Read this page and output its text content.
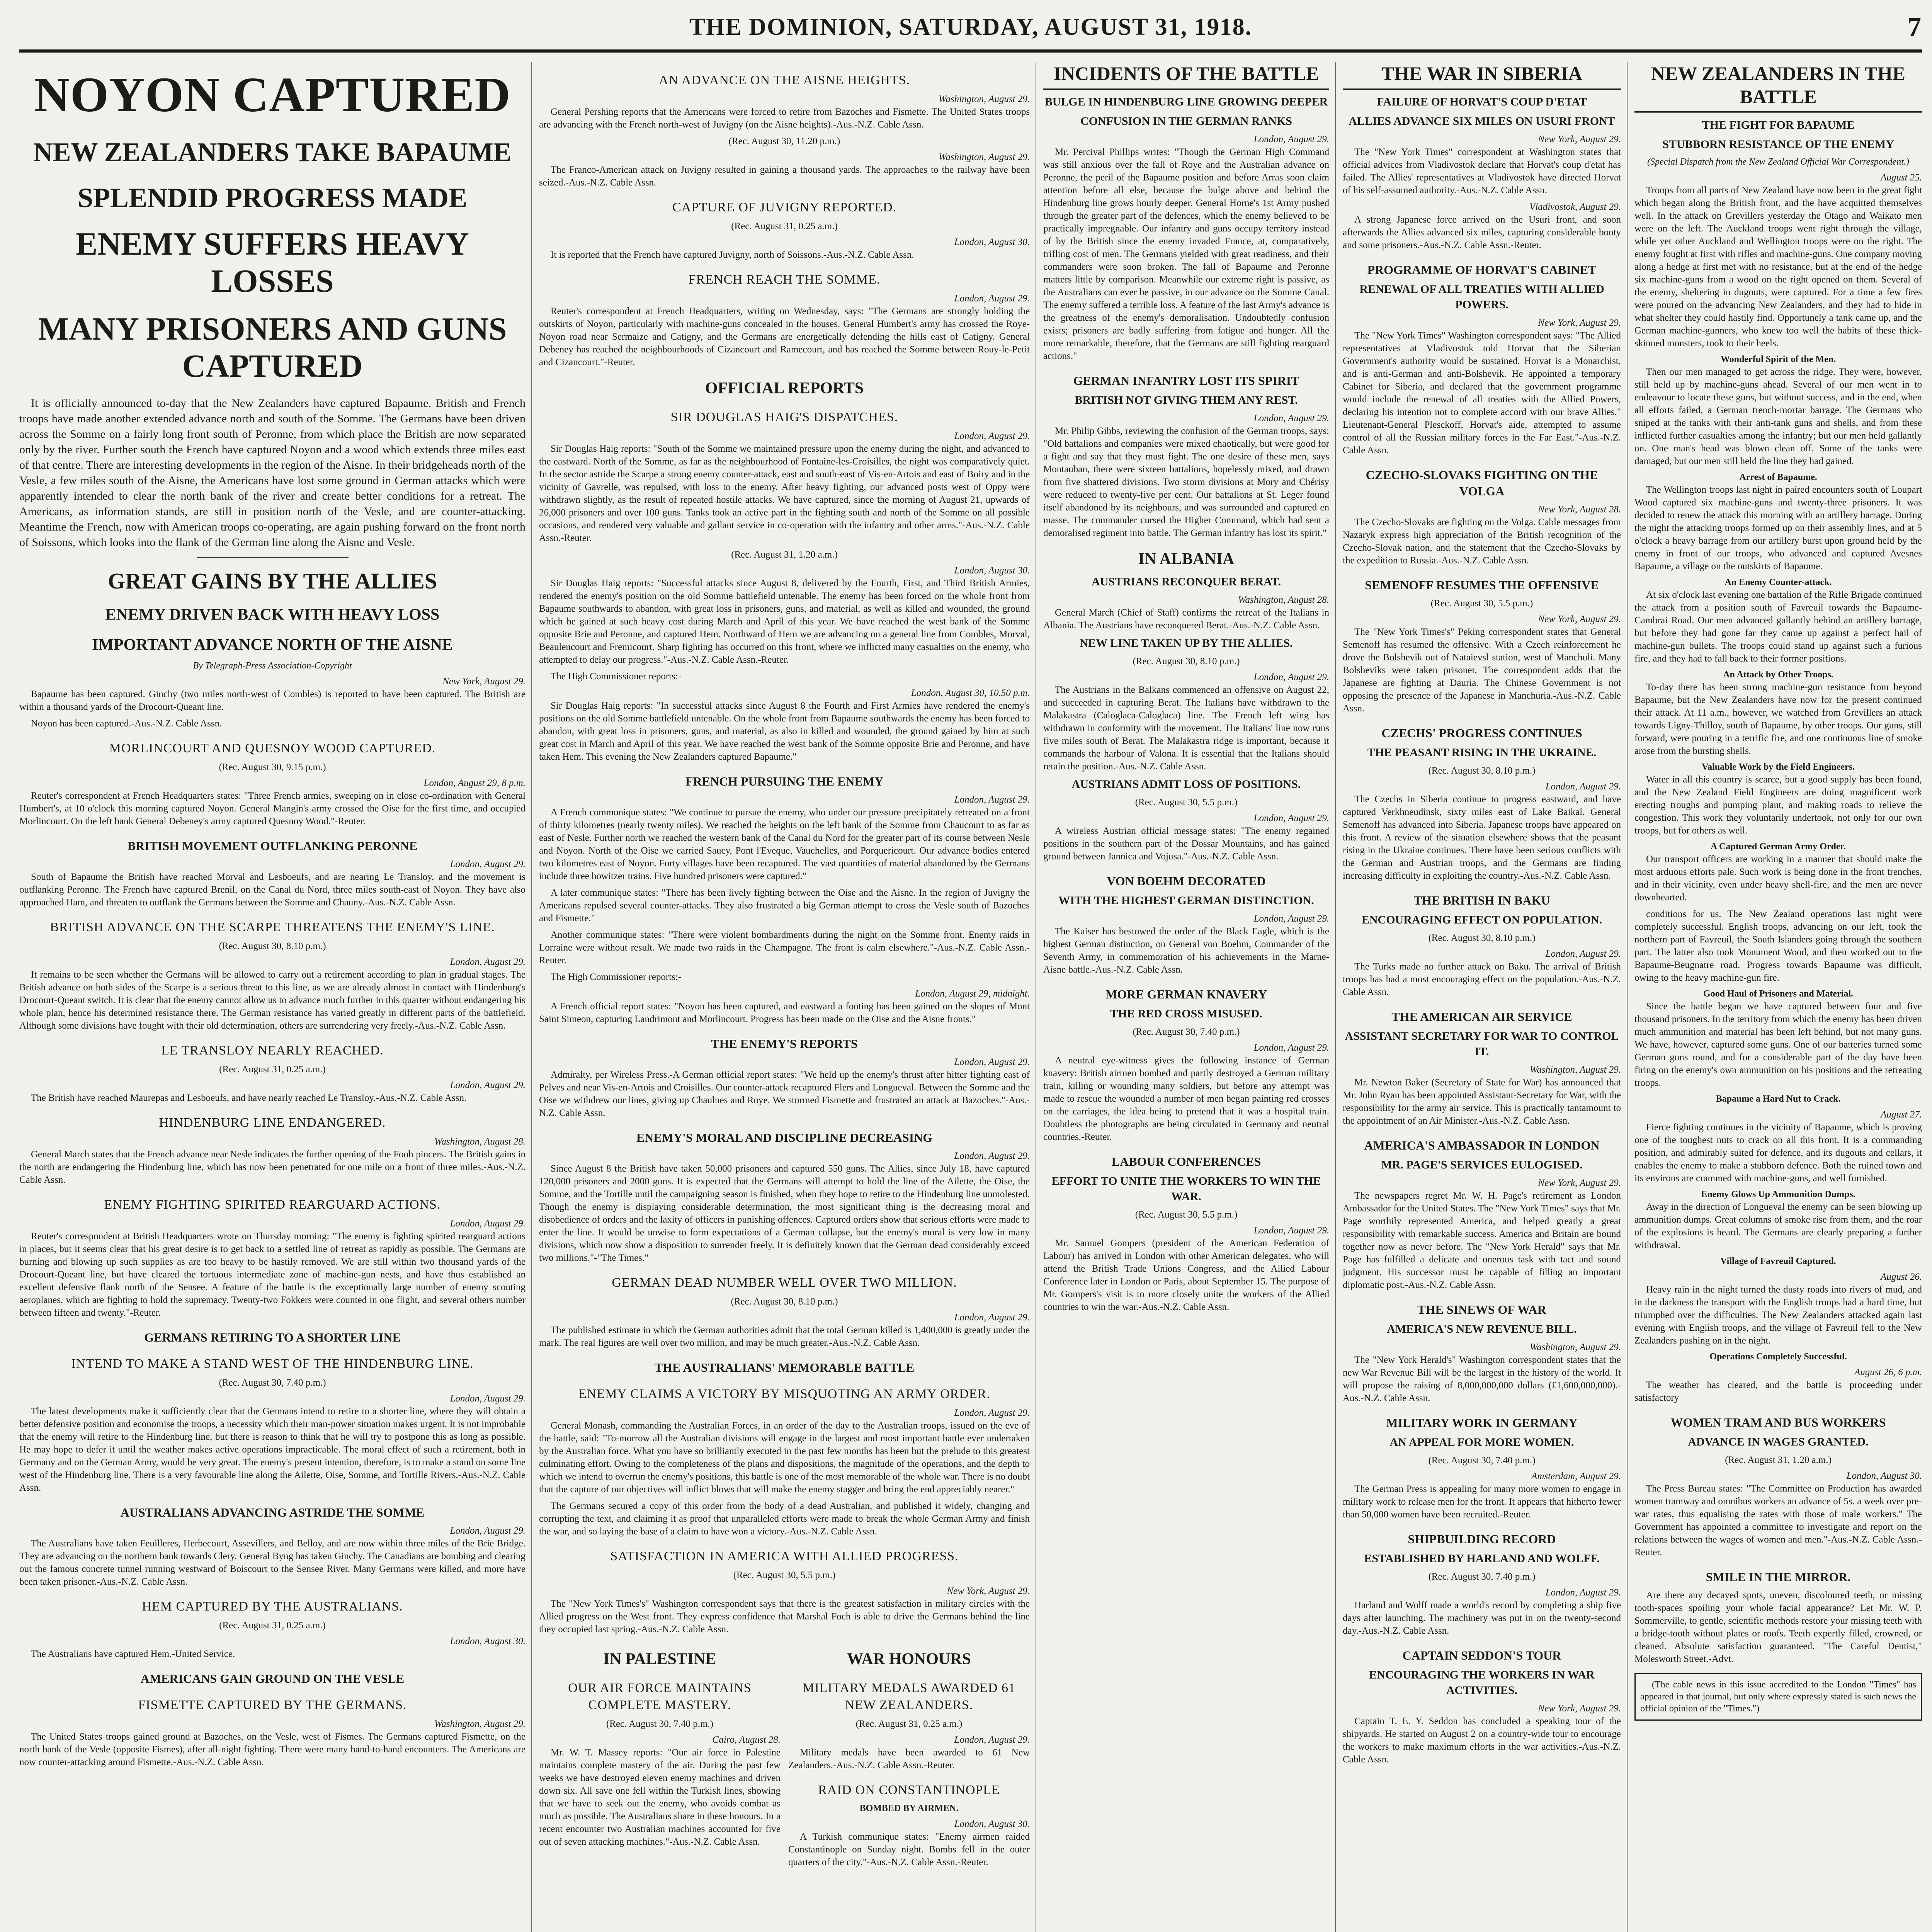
THE DOMINION, SATURDAY, AUGUST 31, 1918.	7
NOYON CAPTURED
NEW ZEALANDERS TAKE BAPAUME
SPLENDID PROGRESS MADE
ENEMY SUFFERS HEAVY LOSSES
MANY PRISONERS AND GUNS CAPTURED

It is officially announced to-day that the New Zealanders have captured Bapaume. British and French troops have made another extended advance north and south of the Somme. The Germans have been driven across the Somme on a fairly long front south of Peronne, from which place the British are now separated only by the river. Further south the French have captured Noyon and a wood which extends three miles east of that centre. There are interesting developments in the region of the Aisne. In their bridgeheads north of the Vesle, a few miles south of the Aisne, the Americans have lost some ground in German attacks which were apparently intended to clear the north bank of the river and create better conditions for a retreat. The Americans, as information stands, are still in position north of the Vesle, and are counter-attacking. Meantime the French, now with American troops co-operating, are again pushing forward on the front north of Soissons, which looks into the flank of the German line along the Aisne and Vesle.

GREAT GAINS BY THE ALLIES
ENEMY DRIVEN BACK WITH HEAVY LOSS
IMPORTANT ADVANCE NORTH OF THE AISNE
By Telegraph-Press Association-Copyright
New York, August 29.

Bapaume has been captured. Ginchy (two miles north-west of Combles) is reported to have been captured. The British are within a thousand yards of the Drocourt-Queant line.

Noyon has been captured.-Aus.-N.Z. Cable Assn.

MORLINCOURT AND QUESNOY WOOD CAPTURED.
(Rec. August 30, 9.15 p.m.)
London, August 29, 8 p.m.

Reuter's correspondent at French Headquarters states: "Three French armies, sweeping on in close co-ordination with General Humbert's, at 10 o'clock this morning captured Noyon. General Mangin's army crossed the Oise for the first time, and occupied Morlincourt. On the left bank General Debeney's army captured Quesnoy Wood."-Reuter.

BRITISH MOVEMENT OUTFLANKING PERONNE
London, August 29.

South of Bapaume the British have reached Morval and Lesboeufs, and are nearing Le Transloy, and the movement is outflanking Peronne. The French have captured Brenil, on the Canal du Nord, three miles south-east of Noyon. They have also approached Ham, and threaten to outflank the Germans between the Somme and Chauny.-Aus.-N.Z. Cable Assn.

BRITISH ADVANCE ON THE SCARPE THREATENS THE ENEMY'S LINE.
(Rec. August 30, 8.10 p.m.)
London, August 29.

It remains to be seen whether the Germans will be allowed to carry out a retirement according to plan in gradual stages. The British advance on both sides of the Scarpe is a serious threat to this line, as we are already almost in contact with Hindenburg's Drocourt-Queant switch. It is clear that the enemy cannot allow us to advance much further in this quarter without endangering his whole plan, hence his determined resistance there. The German resistance has varied greatly in different parts of the battlefield. Although some divisions have fought with their old determination, others are surrendering very freely.-Aus.-N.Z. Cable Assn.

LE TRANSLOY NEARLY REACHED.
(Rec. August 31, 0.25 a.m.)
London, August 29.

The British have reached Maurepas and Lesboeufs, and have nearly reached Le Transloy.-Aus.-N.Z. Cable Assn.

HINDENBURG LINE ENDANGERED.
Washington, August 28.

General March states that the French advance near Nesle indicates the further opening of the Fooh pincers. The British gains in the north are endangering the Hindenburg line, which has now been penetrated for one mile on a front of three miles.-Aus.-N.Z. Cable Assn.

ENEMY FIGHTING SPIRITED REARGUARD ACTIONS.
London, August 29.

Reuter's correspondent at British Headquarters wrote on Thursday morning: "The enemy is fighting spirited rearguard actions in places, but it seems clear that his great desire is to get back to a settled line of retreat as rapidly as possible. The Germans are burning and blowing up such supplies as are too heavy to be hastily removed. We are still within two thousand yards of the Drocourt-Queant line, but have cleared the tortuous intermediate zone of machine-gun nests, and have thus established an excellent defensive flank north of the Sensee. A feature of the battle is the exceptionally large number of enemy scouting aeroplanes, which are fighting to hold the supremacy. Twenty-two Fokkers were counted in one flight, and several others number between fifteen and twenty."-Reuter.

GERMANS RETIRING TO A SHORTER LINE
INTEND TO MAKE A STAND WEST OF THE HINDENBURG LINE.
(Rec. August 30, 7.40 p.m.)
London, August 29.

The latest developments make it sufficiently clear that the Germans intend to retire to a shorter line, where they will obtain a better defensive position and economise the troops, a necessity which their man-power situation makes urgent. It is not improbable that the enemy will retire to the Hindenburg line, but there is reason to think that he will try to postpone this as long as possible. He may hope to defer it until the weather makes active operations impracticable. The moral effect of such a retirement, both in Germany and on the German Army, would be very great. The enemy's present intention, therefore, is to make a stand on some line west of the Hindenburg line. There is a very favourable line along the Ailette, Oise, Somme, and Tortille Rivers.-Aus.-N.Z. Cable Assn.

AUSTRALIANS ADVANCING ASTRIDE THE SOMME
London, August 29.

The Australians have taken Feuilleres, Herbecourt, Assevillers, and Belloy, and are now within three miles of the Brie Bridge. They are advancing on the northern bank towards Clery. General Byng has taken Ginchy. The Canadians are bombing and clearing out the famous concrete tunnel running westward of Boiscourt to the Sensee River. Many Germans were killed, and more have been taken prisoner.-Aus.-N.Z. Cable Assn.

HEM CAPTURED BY THE AUSTRALIANS.
(Rec. August 31, 0.25 a.m.)
London, August 30.

The Australians have captured Hem.-United Service.

AMERICANS GAIN GROUND ON THE VESLE
FISMETTE CAPTURED BY THE GERMANS.
Washington, August 29.

The United States troops gained ground at Bazoches, on the Vesle, west of Fismes. The Germans captured Fismette, on the north bank of the Vesle (opposite Fismes), after all-night fighting. There were many hand-to-hand encounters. The Americans are now counter-attacking around Fismette.-Aus.-N.Z. Cable Assn.

AN ADVANCE ON THE AISNE HEIGHTS.
Washington, August 29.

General Pershing reports that the Americans were forced to retire from Bazoches and Fismette. The United States troops are advancing with the French north-west of Juvigny (on the Aisne heights).-Aus.-N.Z. Cable Assn.

(Rec. August 30, 11.20 p.m.)
Washington, August 29.

The Franco-American attack on Juvigny resulted in gaining a thousand yards. The approaches to the railway have been seized.-Aus.-N.Z. Cable Assn.

CAPTURE OF JUVIGNY REPORTED.
(Rec. August 31, 0.25 a.m.)
London, August 30.

It is reported that the French have captured Juvigny, north of Soissons.-Aus.-N.Z. Cable Assn.

FRENCH REACH THE SOMME.
London, August 29.

Reuter's correspondent at French Headquarters, writing on Wednesday, says: "The Germans are strongly holding the outskirts of Noyon, particularly with machine-guns concealed in the houses. General Humbert's army has crossed the Roye-Noyon road near Sermaize and Catigny, and the Germans are energetically defending the hills east of Catigny. General Debeney has reached the neighbourhoods of Cizancourt and Ramecourt, and has reached the Somme between Rouy-le-Petit and Cizancourt."-Reuter.

OFFICIAL REPORTS
SIR DOUGLAS HAIG'S DISPATCHES.
London, August 29.

Sir Douglas Haig reports: "South of the Somme we maintained pressure upon the enemy during the night, and advanced to the eastward. North of the Somme, as far as the neighbourhood of Fontaine-les-Croisilles, the night was comparatively quiet. In the sector astride the Scarpe a strong enemy counter-attack, east and south-east of Vis-en-Artois and east of Boiry and in the vicinity of Gavrelle, was repulsed, with loss to the enemy. After heavy fighting, our advanced posts west of Oppy were withdrawn slightly, as the result of repeated hostile attacks. We have captured, since the morning of August 21, upwards of 26,000 prisoners and over 100 guns. Tanks took an active part in the fighting south and north of the Somme on all possible occasions, and rendered very valuable and gallant service in co-operation with the infantry and other arms."-Aus.-N.Z. Cable Assn.-Reuter.

(Rec. August 31, 1.20 a.m.)
London, August 30.

Sir Douglas Haig reports: "Successful attacks since August 8, delivered by the Fourth, First, and Third British Armies, rendered the enemy's position on the old Somme battlefield untenable. The enemy has been forced on the whole front from Bapaume southwards to abandon, with great loss in prisoners, guns, and material, as well as killed and wounded, the ground which he gained at such heavy cost during March and April of this year. We have reached the west bank of the Somme opposite Brie and Peronne, and captured Hem. Northward of Hem we are advancing on a general line from Combles, Morval, Beaulencourt and Fremicourt. Sharp fighting has occurred on this front, where we inflicted many casualties on the enemy, who attempted to delay our progress."-Aus.-N.Z. Cable Assn.-Reuter.

The High Commissioner reports:-

London, August 30, 10.50 p.m.

Sir Douglas Haig reports: "In successful attacks since August 8 the Fourth and First Armies have rendered the enemy's positions on the old Somme battlefield untenable. On the whole front from Bapaume southwards the enemy has been forced to abandon, with great loss in prisoners, guns, and material, as also in killed and wounded, the ground gained by him at such great cost in March and April of this year. We have reached the west bank of the Somme opposite Brie and Peronne, and have taken Hem. This evening the New Zealanders captured Bapaume."

FRENCH PURSUING THE ENEMY
London, August 29.

A French communique states: "We continue to pursue the enemy, who under our pressure precipitately retreated on a front of thirty kilometres (nearly twenty miles). We reached the heights on the left bank of the Somme from Chaucourt to as far as east of Nesle. Further north we reached the western bank of the Canal du Nord for the greater part of its course between Nesle and Noyon. North of the Oise we carried Saucy, Pont l'Eveque, Vauchelles, and Porquericourt. Our advance bodies entered two kilometres east of Noyon. Forty villages have been recaptured. The vast quantities of material abandoned by the Germans include three howitzer trains. Five hundred prisoners were captured."

A later communique states: "There has been lively fighting between the Oise and the Aisne. In the region of Juvigny the Americans repulsed several counter-attacks. They also frustrated a big German attempt to cross the Vesle south of Bazoches and Fismette."

Another communique states: "There were violent bombardments during the night on the Somme front. Enemy raids in Lorraine were without result. We made two raids in the Champagne. The front is calm elsewhere."-Aus.-N.Z. Cable Assn.-Reuter.

The High Commissioner reports:-

London, August 29, midnight.

A French official report states: "Noyon has been captured, and eastward a footing has been gained on the slopes of Mont Saint Simeon, capturing Landrimont and Morlincourt. Progress has been made on the Oise and the Aisne fronts."

THE ENEMY'S REPORTS
London, August 29.

Admiralty, per Wireless Press.-A German official report states: "We held up the enemy's thrust after hitter fighting east of Pelves and near Vis-en-Artois and Croisilles. Our counter-attack recaptured Flers and Longueval. Between the Somme and the Oise we withdrew our lines, giving up Chaulnes and Roye. We stormed Fismette and frustrated an attack at Bazoches."-Aus.-N.Z. Cable Assn.

ENEMY'S MORAL AND DISCIPLINE DECREASING
London, August 29.

Since August 8 the British have taken 50,000 prisoners and captured 550 guns. The Allies, since July 18, have captured 120,000 prisoners and 2000 guns. It is expected that the Germans will attempt to hold the line of the Ailette, the Oise, the Somme, and the Tortille until the campaigning season is finished, when they hope to retire to the Hindenburg line unmolested. Though the enemy is displaying considerable determination, the most significant thing is the decreasing moral and disobedience of orders and the laxity of officers in punishing offences. Captured orders show that serious efforts were made to enter the line. It would be unwise to form expectations of a German collapse, but the enemy's moral is very low in many divisions, which now show a disposition to surrender freely. It is definitely known that the German dead considerably exceed two millions."-"The Times."

GERMAN DEAD NUMBER WELL OVER TWO MILLION.
(Rec. August 30, 8.10 p.m.)
London, August 29.

The published estimate in which the German authorities admit that the total German killed is 1,400,000 is greatly under the mark. The real figures are well over two million, and may be much greater.-Aus.-N.Z. Cable Assn.

THE AUSTRALIANS' MEMORABLE BATTLE
ENEMY CLAIMS A VICTORY BY MISQUOTING AN ARMY ORDER.
London, August 29.

General Monash, commanding the Australian Forces, in an order of the day to the Australian troops, issued on the eve of the battle, said: "To-morrow all the Australian divisions will engage in the largest and most important battle ever undertaken by the Australian force. What you have so brilliantly executed in the past few months has been but the prelude to this greatest culminating effort. Owing to the completeness of the plans and dispositions, the magnitude of the operations, and the depth to which we intend to overrun the enemy's positions, this battle is one of the most memorable of the whole war. There is no doubt that the capture of our objectives will inflict blows that will make the enemy stagger and bring the end appreciably nearer."

The Germans secured a copy of this order from the body of a dead Australian, and published it widely, changing and corrupting the text, and claiming it as proof that unparalleled efforts were made to break the whole German Army and finish the war, and so laying the base of a claim to have won a victory.-Aus.-N.Z. Cable Assn.

SATISFACTION IN AMERICA WITH ALLIED PROGRESS.
(Rec. August 30, 5.5 p.m.)
New York, August 29.

The "New York Times's" Washington correspondent says that there is the greatest satisfaction in military circles with the Allied progress on the West front. They express confidence that Marshal Foch is able to drive the Germans behind the line they occupied last spring.-Aus.-N.Z. Cable Assn.

IN PALESTINE
OUR AIR FORCE MAINTAINS COMPLETE MASTERY.
(Rec. August 30, 7.40 p.m.)
Cairo, August 28.

Mr. W. T. Massey reports: "Our air force in Palestine maintains complete mastery of the air. During the past few weeks we have destroyed eleven enemy machines and driven down six. All save one fell within the Turkish lines, showing that we have to seek out the enemy, who avoids combat as much as possible. The Australians share in these honours. In a recent encounter two Australian machines accounted for five out of seven attacking machines."-Aus.-N.Z. Cable Assn.

WAR HONOURS
MILITARY MEDALS AWARDED 61 NEW ZEALANDERS.
(Rec. August 31, 0.25 a.m.)
London, August 29.

Military medals have been awarded to 61 New Zealanders.-Aus.-N.Z. Cable Assn.-Reuter.

RAID ON CONSTANTINOPLE
BOMBED BY AIRMEN.
London, August 30.

A Turkish communique states: "Enemy airmen raided Constantinople on Sunday night. Bombs fell in the outer quarters of the city."-Aus.-N.Z. Cable Assn.-Reuter.

INCIDENTS OF THE BATTLE
BULGE IN HINDENBURG LINE GROWING DEEPER
CONFUSION IN THE GERMAN RANKS
London, August 29.

Mr. Percival Phillips writes: "Though the German High Command was still anxious over the fall of Roye and the Australian advance on Peronne, the peril of the Bapaume position and before Arras soon claim attention before all else, because the bulge above and behind the Hindenburg line grows hourly deeper. General Horne's 1st Army pushed through the greater part of the defences, which the enemy believed to be practically impregnable. Our infantry and guns occupy territory instead of by the British since the enemy invaded France, at, comparatively, trifling cost of men. The Germans yielded with great readiness, and their commanders were soon broken. The fall of Bapaume and Peronne matters little by comparison. Meanwhile our extreme right is passive, as the Australians can ever be passive, in our advance on the Somme Canal. The enemy suffered a terrible loss. A feature of the last Army's advance is the greatness of the enemy's demoralisation. Undoubtedly confusion exists; prisoners are badly suffering from fatigue and hunger. All the more remarkable, therefore, that the Germans are still fighting rearguard actions."

GERMAN INFANTRY LOST ITS SPIRIT
BRITISH NOT GIVING THEM ANY REST.
London, August 29.

Mr. Philip Gibbs, reviewing the confusion of the German troops, says: "Old battalions and companies were mixed chaotically, but were good for a fight and say that they must fight. The one desire of these men, says Montauban, there were sixteen battalions, hopelessly mixed, and drawn from five shattered divisions. Two storm divisions at Mory and Chérisy were reduced to twenty-five per cent. Our battalions at St. Leger found itself abandoned by its neighbours, and was surrounded and captured en masse. The commander cursed the Higher Command, which had sent a demoralised regiment into battle. The German infantry has lost its spirit."

IN ALBANIA
AUSTRIANS RECONQUER BERAT.
Washington, August 28.

General March (Chief of Staff) confirms the retreat of the Italians in Albania. The Austrians have reconquered Berat.-Aus.-N.Z. Cable Assn.

NEW LINE TAKEN UP BY THE ALLIES.
(Rec. August 30, 8.10 p.m.)
London, August 29.

The Austrians in the Balkans commenced an offensive on August 22, and succeeded in capturing Berat. The Italians have withdrawn to the Malakastra (Caloglaca-Caloglaca) line. The French left wing has withdrawn in conformity with the movement. The Italians' line now runs five miles south of Berat. The Malakastra ridge is important, because it commands the harbour of Valona. It is essential that the Italians should retain the position.-Aus.-N.Z. Cable Assn.

AUSTRIANS ADMIT LOSS OF POSITIONS.
(Rec. August 30, 5.5 p.m.)
London, August 29.

A wireless Austrian official message states: "The enemy regained positions in the southern part of the Dossar Mountains, and has gained ground between Jannica and Vojusa."-Aus.-N.Z. Cable Assn.

VON BOEHM DECORATED
WITH THE HIGHEST GERMAN DISTINCTION.
London, August 29.

The Kaiser has bestowed the order of the Black Eagle, which is the highest German distinction, on General von Boehm, Commander of the Seventh Army, in commemoration of his achievements in the Marne-Aisne battle.-Aus.-N.Z. Cable Assn.

MORE GERMAN KNAVERY
THE RED CROSS MISUSED.
(Rec. August 30, 7.40 p.m.)
London, August 29.

A neutral eye-witness gives the following instance of German knavery: British airmen bombed and partly destroyed a German military train, killing or wounding many soldiers, but before any attempt was made to rescue the wounded a number of men began painting red crosses on the carriages, the idea being to pretend that it was a hospital train. Doubtless the photographs are being circulated in Germany and neutral countries.-Reuter.

LABOUR CONFERENCES
EFFORT TO UNITE THE WORKERS TO WIN THE WAR.
(Rec. August 30, 5.5 p.m.)
London, August 29.

Mr. Samuel Gompers (president of the American Federation of Labour) has arrived in London with other American delegates, who will attend the British Trade Unions Congress, and the Allied Labour Conference later in London or Paris, about September 15. The purpose of Mr. Gompers's visit is to more closely unite the workers of the Allied countries to win the war.-Aus.-N.Z. Cable Assn.

THE WAR IN SIBERIA
FAILURE OF HORVAT'S COUP D'ETAT
ALLIES ADVANCE SIX MILES ON USURI FRONT
New York, August 29.

The "New York Times" correspondent at Washington states that official advices from Vladivostok declare that Horvat's coup d'etat has failed. The Allies' representatives at Vladivostok have directed Horvat of his self-assumed authority.-Aus.-N.Z. Cable Assn.

Vladivostok, August 29.

A strong Japanese force arrived on the Usuri front, and soon afterwards the Allies advanced six miles, capturing considerable booty and some prisoners.-Aus.-N.Z. Cable Assn.-Reuter.

PROGRAMME OF HORVAT'S CABINET
RENEWAL OF ALL TREATIES WITH ALLIED POWERS.
New York, August 29.

The "New York Times" Washington correspondent says: "The Allied representatives at Vladivostok told Horvat that the Siberian Government's authority would be sustained. Horvat is a Monarchist, and is anti-German and anti-Bolshevik. He appointed a temporary Cabinet for Siberia, and declared that the government programme would include the renewal of all treaties with the Allied Powers, declaring his intention not to complete accord with our brave Allies." Lieutenant-General Plesckoff, Horvat's aide, attempted to assume control of all the Russian military forces in the Far East."-Aus.-N.Z. Cable Assn.

CZECHO-SLOVAKS FIGHTING ON THE VOLGA
New York, August 28.

The Czecho-Slovaks are fighting on the Volga. Cable messages from Nazaryk express high appreciation of the British recognition of the Czecho-Slovak nation, and the statement that the Czecho-Slovaks by the expedition to Russia.-Aus.-N.Z. Cable Assn.

SEMENOFF RESUMES THE OFFENSIVE
(Rec. August 30, 5.5 p.m.)
New York, August 29.

The "New York Times's" Peking correspondent states that General Semenoff has resumed the offensive. With a Czech reinforcement he drove the Bolshevik out of Nataievsl station, west of Manchuli. Many Bolsheviks were taken prisoner. The correspondent adds that the Japanese are fighting at Dauria. The Chinese Government is not opposing the presence of the Japanese in Manchuria.-Aus.-N.Z. Cable Assn.

CZECHS' PROGRESS CONTINUES
THE PEASANT RISING IN THE UKRAINE.
(Rec. August 30, 8.10 p.m.)
London, August 29.

The Czechs in Siberia continue to progress eastward, and have captured Verkhneudinsk, sixty miles east of Lake Baikal. General Semenoff has advanced into Siberia. Japanese troops have appeared on this front. A review of the situation elsewhere shows that the peasant rising in the Ukraine continues. There have been serious conflicts with the German and Austrian troops, and the Germans are finding increasing difficulty in exploiting the country.-Aus.-N.Z. Cable Assn.

THE BRITISH IN BAKU
ENCOURAGING EFFECT ON POPULATION.
(Rec. August 30, 8.10 p.m.)
London, August 29.

The Turks made no further attack on Baku. The arrival of British troops has had a most encouraging effect on the population.-Aus.-N.Z. Cable Assn.

THE AMERICAN AIR SERVICE
ASSISTANT SECRETARY FOR WAR TO CONTROL IT.
Washington, August 29.

Mr. Newton Baker (Secretary of State for War) has announced that Mr. John Ryan has been appointed Assistant-Secretary for War, with the responsibility for the army air service. This is practically tantamount to the appointment of an Air Minister.-Aus.-N.Z. Cable Assn.

AMERICA'S AMBASSADOR IN LONDON
MR. PAGE'S SERVICES EULOGISED.
New York, August 29.

The newspapers regret Mr. W. H. Page's retirement as London Ambassador for the United States. The "New York Times" says that Mr. Page worthily represented America, and helped greatly a great responsibility with remarkable success. America and Britain are bound together now as never before. The "New York Herald" says that Mr. Page has fulfilled a delicate and onerous task with tact and sound judgment. His successor must be capable of filling an important diplomatic post.-Aus.-N.Z. Cable Assn.

THE SINEWS OF WAR
AMERICA'S NEW REVENUE BILL.
Washington, August 29.

The "New York Herald's" Washington correspondent states that the new War Revenue Bill will be the largest in the history of the world. It will propose the raising of 8,000,000,000 dollars (£1,600,000,000).-Aus.-N.Z. Cable Assn.

MILITARY WORK IN GERMANY
AN APPEAL FOR MORE WOMEN.
(Rec. August 30, 7.40 p.m.)
Amsterdam, August 29.

The German Press is appealing for many more women to engage in military work to release men for the front. It appears that hitherto fewer than 50,000 women have been recruited.-Reuter.

SHIPBUILDING RECORD
ESTABLISHED BY HARLAND AND WOLFF.
(Rec. August 30, 7.40 p.m.)
London, August 29.

Harland and Wolff made a world's record by completing a ship five days after launching. The machinery was put in on the twenty-second day.-Aus.-N.Z. Cable Assn.

CAPTAIN SEDDON'S TOUR
ENCOURAGING THE WORKERS IN WAR ACTIVITIES.
New York, August 29.

Captain T. E. Y. Seddon has concluded a speaking tour of the shipyards. He started on August 2 on a country-wide tour to encourage the workers to make maximum efforts in the war activities.-Aus.-N.Z. Cable Assn.

NEW ZEALANDERS IN THE BATTLE
THE FIGHT FOR BAPAUME
STUBBORN RESISTANCE OF THE ENEMY
(Special Dispatch from the New Zealand Official War Correspondent.)
August 25.

Troops from all parts of New Zealand have now been in the great fight which began along the British front, and the have acquitted themselves well. In the attack on Grevillers yesterday the Otago and Waikato men were on the left. The Auckland troops went right through the village, while yet other Auckland and Wellington troops were on the right. The enemy fought at first with rifles and machine-guns. One company moving along a hedge at first met with no resistance, but at the end of the hedge six machine-guns from a wood on the right opened on them. Several of the enemy, sheltering in dugouts, were captured. For a time a few fires were poured on the advancing New Zealanders, and they had to hide in what shelter they could hastily find. Opportunely a tank came up, and the German machine-gunners, who knew too well the habits of these thick-skinned monsters, took to their heels.

Wonderful Spirit of the Men.

Then our men managed to get across the ridge. They were, however, still held up by machine-guns ahead. Several of our men went in to endeavour to locate these guns, but without success, and in the end, when all efforts failed, a German trench-mortar barrage. The Germans who sniped at the tanks with their anti-tank guns and shells, and from these inflicted further casualties among the infantry; but our men held gallantly on. One man's head was blown clean off. Some of the tanks were damaged, but our men still held the line they had gained.

Arrest of Bapaume.

The Wellington troops last night in paired encounters south of Loupart Wood captured six machine-guns and twenty-three prisoners. It was decided to renew the attack this morning with an artillery barrage. During the night the attacking troops formed up on their assembly lines, and at 5 o'clock a heavy barrage from our artillery burst upon ground held by the enemy in front of our troops, who advanced and captured Avesnes Bapaume, a village on the outskirts of Bapaume.

An Enemy Counter-attack.

At six o'clock last evening one battalion of the Rifle Brigade continued the attack from a position south of Favreuil towards the Bapaume-Cambrai Road. Our men advanced gallantly behind an artillery barrage, but before they had gone far they came up against a perfect hail of machine-gun bullets. The troops could stand up against such a furious fire, and they had to fall back to their former positions.

An Attack by Other Troops.

To-day there has been strong machine-gun resistance from beyond Bapaume, but the New Zealanders have now for the present continued their attack. At 11 a.m., however, we watched from Grevillers an attack towards Ligny-Thilloy, south of Bapaume, by other troops. Our guns, still forward, were pouring in a terrific fire, and one continuous line of smoke arose from the bursting shells.

Valuable Work by the Field Engineers.

Water in all this country is scarce, but a good supply has been found, and the New Zealand Field Engineers are doing magnificent work erecting troughs and pumping plant, and making roads to relieve the congestion. This work they voluntarily undertook, not only for our own troops, but for others as well.

A Captured German Army Order.

Our transport officers are working in a manner that should make the most arduous efforts pale. Such work is being done in the front trenches, and in their vicinity, even under heavy shell-fire, and the men are never downhearted.

conditions for us. The New Zealand operations last night were completely successful. English troops, advancing on our left, took the northern part of Favreuil, the South Islanders going through the southern part. The latter also took Monument Wood, and then worked out to the Bapaume-Beugnatre road. Progress towards Bapaume was difficult, owing to the heavy machine-gun fire.

Good Haul of Prisoners and Material.

Since the battle began we have captured between four and five thousand prisoners. In the territory from which the enemy has been driven much ammunition and material has been left behind, but not many guns. We have, however, captured some guns. One of our batteries turned some German guns round, and for a considerable part of the day have been firing on the enemy's own ammunition on his positions and the retreating troops.

Bapaume a Hard Nut to Crack.
August 27.

Fierce fighting continues in the vicinity of Bapaume, which is proving one of the toughest nuts to crack on all this front. It is a commanding position, and admirably suited for defence, and its dugouts and cellars, it enables the enemy to make a stubborn defence. Both the ruined town and its environs are crammed with machine-guns, and well furnished.

Enemy Glows Up Ammunition Dumps.

Away in the direction of Longueval the enemy can be seen blowing up ammunition dumps. Great columns of smoke rise from them, and the roar of the explosions is heard. The Germans are clearly preparing a further withdrawal.

Village of Favreuil Captured.
August 26.

Heavy rain in the night turned the dusty roads into rivers of mud, and in the darkness the transport with the English troops had a hard time, but triumphed over the difficulties. The New Zealanders attacked again last evening with English troops, and the village of Favreuil fell to the New Zealanders pushing on in the night.

Operations Completely Successful.
August 26, 6 p.m.

The weather has cleared, and the battle is proceeding under satisfactory

WOMEN TRAM AND BUS WORKERS
ADVANCE IN WAGES GRANTED.
(Rec. August 31, 1.20 a.m.)
London, August 30.

The Press Bureau states: "The Committee on Production has awarded women tramway and omnibus workers an advance of 5s. a week over pre-war rates, thus equalising the rates with those of male workers." The Government has appointed a committee to investigate and report on the relations between the wages of women and men."-Aus.-N.Z. Cable Assn.-Reuter.

SMILE IN THE MIRROR.

Are there any decayed spots, uneven, discoloured teeth, or missing tooth-spaces spoiling your whole facial appearance? Let Mr. W. P. Sommerville, to gentle, scientific methods restore your missing teeth with a bridge-tooth without plates or roofs. Teeth expertly filled, crowned, or cleaned. Absolute satisfaction guaranteed. "The Careful Dentist," Molesworth Street.-Advt.

(The cable news in this issue accredited to the London "Times" has appeared in that journal, but only where expressly stated is such news the official opinion of the "Times.")
